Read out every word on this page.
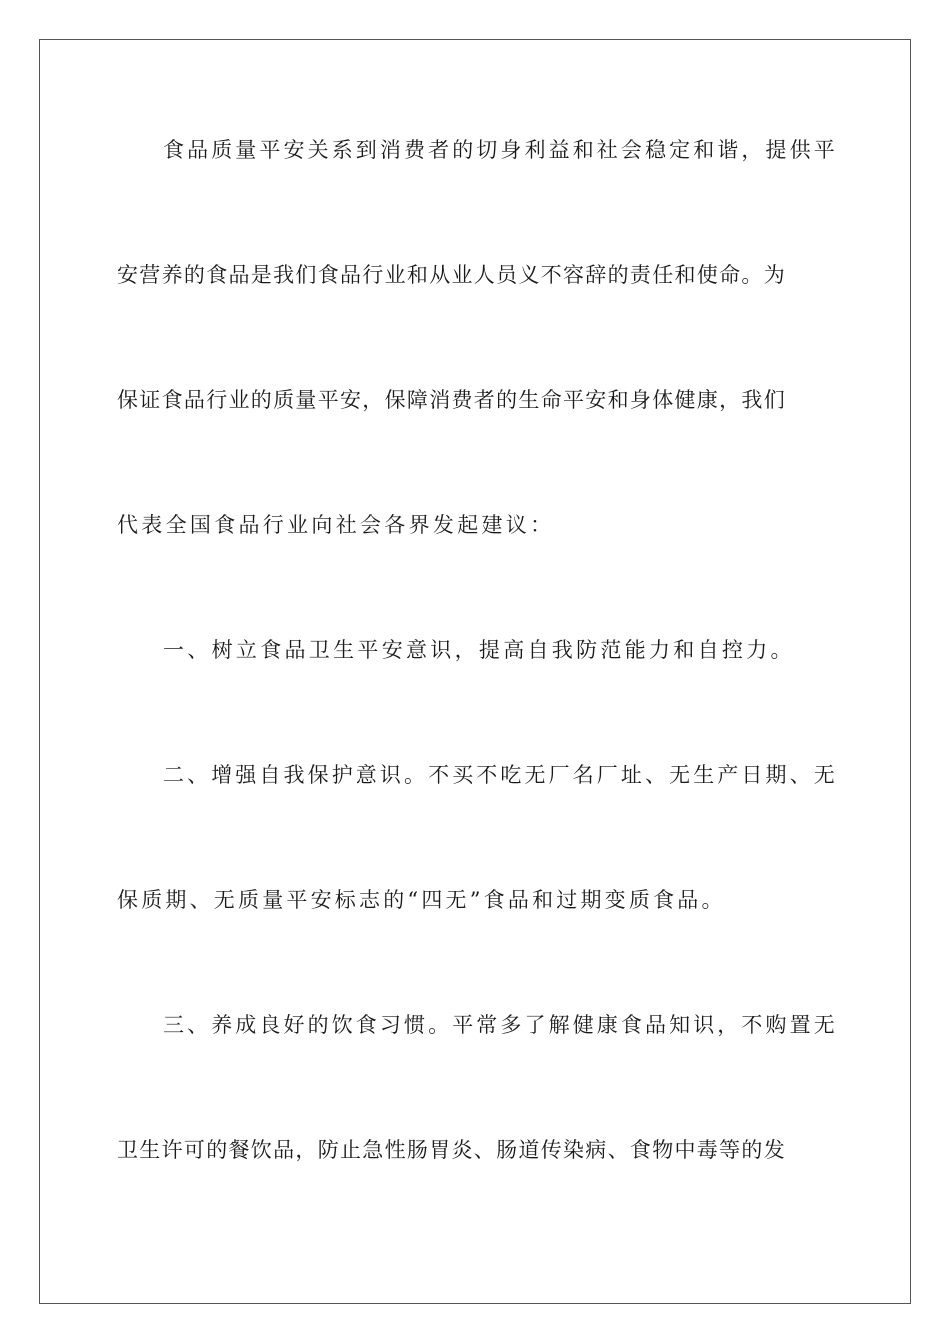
食品质量平安关系到消费者的切身利益和社会稳定和谐，提供平
安营养的食品是我们食品行业和从业人员义不容辞的责任和使命。为
保证食品行业的质量平安，保障消费者的生命平安和身体健康，我们
代表全国食品行业向社会各界发起建议：
一、树立食品卫生平安意识，提高自我防范能力和自控力。
二、增强自我保护意识。不买不吃无厂名厂址、无生产日期、无
保质期、无质量平安标志的“四无”食品和过期变质食品。
三、养成良好的饮食习惯。平常多了解健康食品知识，不购置无
卫生许可的餐饮品，防止急性肠胃炎、肠道传染病、食物中毒等的发
